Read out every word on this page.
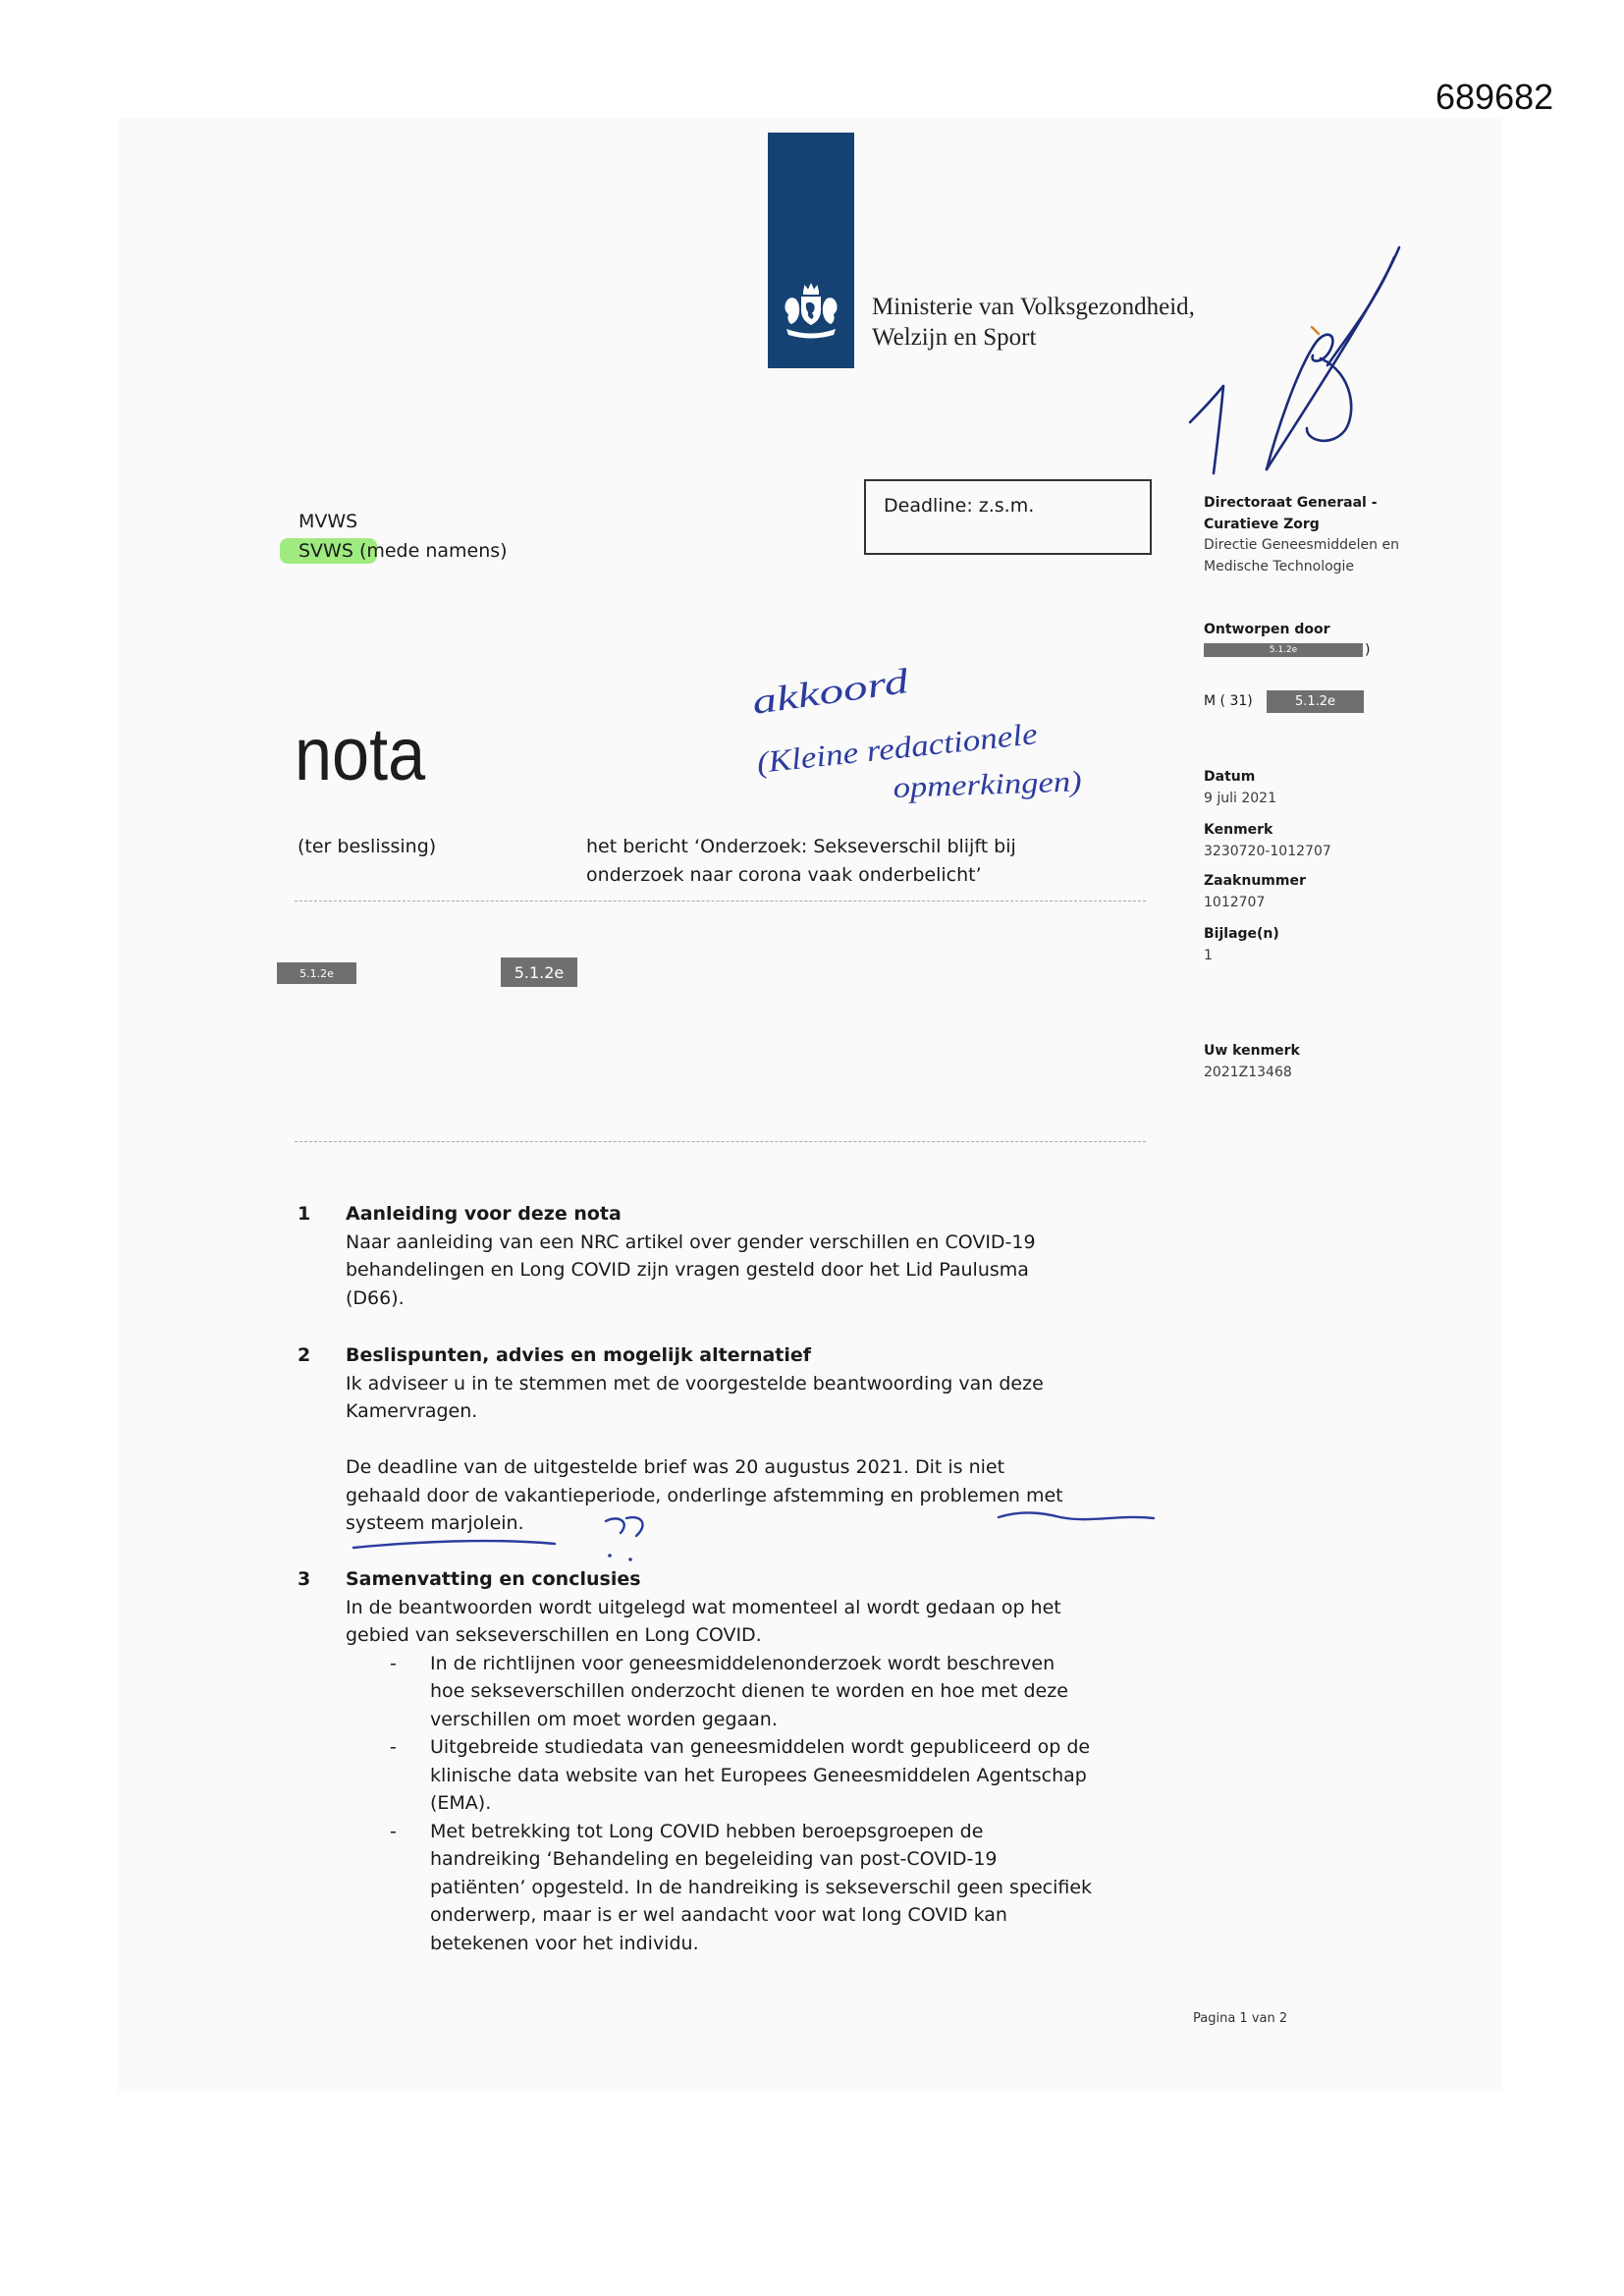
689682
Ministerie van Volksgezondheid,
Welzijn en Sport
Deadline: z.s.m.
MVWS
SVWS (mede namens)
nota
(ter beslissing)	het bericht ‘Onderzoek: Sekseverschil blijft bij
onderzoek naar corona vaak onderbelicht’
5.1.2e	5.1.2e
Directoraat Generaal -
Curatieve Zorg
Directie Geneesmiddelen en
Medische Technologie
Ontworpen door
5.1.2e	)
M ( 31)	5.1.2e
Datum
9 juli 2021
Kenmerk
3230720-1012707
Zaaknummer
1012707
Bijlage(n)
1
Uw kenmerk
2021Z13468
1 Aanleiding voor deze nota
Naar aanleiding van een NRC artikel over gender verschillen en COVID-19
behandelingen en Long COVID zijn vragen gesteld door het Lid Paulusma
(D66).
2 Beslispunten, advies en mogelijk alternatief
Ik adviseer u in te stemmen met de voorgestelde beantwoording van deze
Kamervragen.
De deadline van de uitgestelde brief was 20 augustus 2021. Dit is niet
gehaald door de vakantieperiode, onderlinge afstemming en problemen met
systeem marjolein.
3 Samenvatting en conclusies
In de beantwoorden wordt uitgelegd wat momenteel al wordt gedaan op het
gebied van sekseverschillen en Long COVID.
- In de richtlijnen voor geneesmiddelenonderzoek wordt beschreven
hoe sekseverschillen onderzocht dienen te worden en hoe met deze
verschillen om moet worden gegaan.
- Uitgebreide studiedata van geneesmiddelen wordt gepubliceerd op de
klinische data website van het Europees Geneesmiddelen Agentschap
(EMA).
- Met betrekking tot Long COVID hebben beroepsgroepen de
handreiking ‘Behandeling en begeleiding van post-COVID-19
patiënten’ opgesteld. In de handreiking is sekseverschil geen specifiek
onderwerp, maar is er wel aandacht voor wat long COVID kan
betekenen voor het individu.
Pagina 1 van 2
akkoord
(Kleine redactionele
opmerkingen)
